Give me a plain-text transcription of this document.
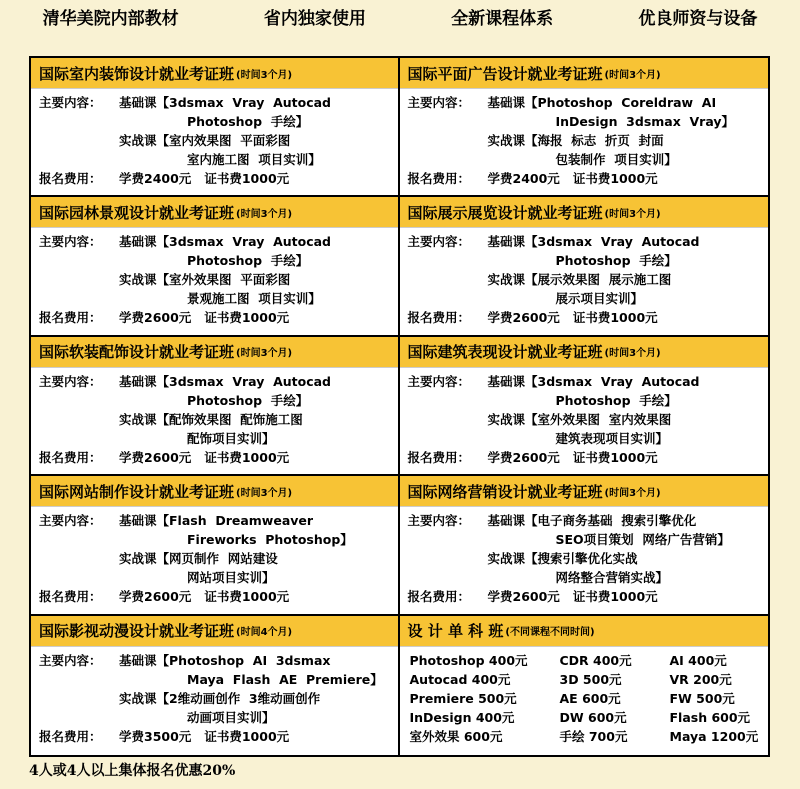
清华美院内部教材	省内独家使用	全新课程体系	优良师资与设备
国际室内装饰设计就业考证班 (时间3个月)
主要内容：	基础课 【3dsmax  Vray  Autocad
Photoshop  手绘】
实战课 【室内效果图  平面彩图
室内施工图  项目实训】
报名费用：	学费2400元   证书费1000元
国际平面广告设计就业考证班 (时间3个月)
主要内容：	基础课 【Photoshop  Coreldraw  AI
InDesign  3dsmax  Vray】
实战课 【海报  标志  折页  封面
包装制作  项目实训】
报名费用：	学费2400元   证书费1000元
国际园林景观设计就业考证班 (时间3个月)
主要内容：	基础课 【3dsmax  Vray  Autocad
Photoshop  手绘】
实战课 【室外效果图  平面彩图
景观施工图  项目实训】
报名费用：	学费2600元   证书费1000元
国际展示展览设计就业考证班 (时间3个月)
主要内容：	基础课 【3dsmax  Vray  Autocad
Photoshop  手绘】
实战课 【展示效果图  展示施工图
展示项目实训】
报名费用：	学费2600元   证书费1000元
国际软装配饰设计就业考证班 (时间3个月)
主要内容：	基础课 【3dsmax  Vray  Autocad
Photoshop  手绘】
实战课 【配饰效果图  配饰施工图
配饰项目实训】
报名费用：	学费2600元   证书费1000元
国际建筑表现设计就业考证班 (时间3个月)
主要内容：	基础课 【3dsmax  Vray  Autocad
Photoshop  手绘】
实战课 【室外效果图  室内效果图
建筑表现项目实训】
报名费用：	学费2600元   证书费1000元
国际网站制作设计就业考证班 (时间3个月)
主要内容：	基础课 【Flash  Dreamweaver
Fireworks  Photoshop】
实战课 【网页制作  网站建设
网站项目实训】
报名费用：	学费2600元   证书费1000元
国际网络营销设计就业考证班 (时间3个月)
主要内容：	基础课 【电子商务基础  搜索引擎优化
SEO项目策划  网络广告营销】
实战课 【搜索引擎优化实战
网络整合营销实战】
报名费用：	学费2600元   证书费1000元
国际影视动漫设计就业考证班 (时间4个月)
主要内容：	基础课 【Photoshop  AI  3dsmax
Maya  Flash  AE  Premiere】
实战课 【2维动画创作  3维动画创作
动画项目实训】
报名费用：	学费3500元   证书费1000元
设 计 单 科 班 (不同课程不同时间)
Photoshop 400元	CDR 400元	AI 400元
Autocad 400元	3D 500元	VR 200元
Premiere 500元	AE 600元	FW 500元
InDesign 400元	DW 600元	Flash 600元
室外效果 600元	手绘 700元	Maya 1200元
4人或4人以上集体报名优惠20%
